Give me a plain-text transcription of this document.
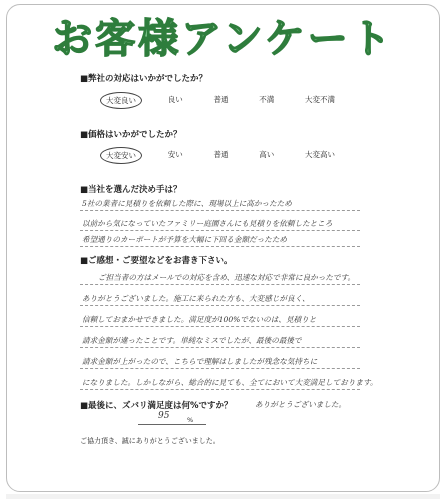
お客様アンケート
■弊社の対応はいかがでしたか？
大変良い	良い	普通	不満	大変不満
■価格はいかがでしたか？
大変安い	安い	普通	高い	大変高い
■当社を選んだ決め手は？
5社の業者に見積りを依頼した際に、現場以上に高かったため
以前から気になっていたファミリー庭園さんにも見積りを依頼したところ
希望通りのカーポートが予算を大幅に下回る金額だったため
■ご感想・ご要望などをお書き下さい。
ご担当者の方はメールでの対応を含め、迅速な対応で非常に良かったです。
ありがとうございました。施工に来られた方も、大変感じが良く、
信頼しておまかせできました。満足度が100%でないのは、見積りと
請求金額が違ったことです。単純なミスでしたが、最後の最後で
請求金額が上がったので、こちらで理解はしましたが残念な気持ちに
になりました。しかしながら、総合的に見ても、全てにおいて大変満足しております。
■最後に、ズバリ満足度は何%ですか？	ありがとうございました。
95	%
ご協力頂き、誠にありがとうございました。
